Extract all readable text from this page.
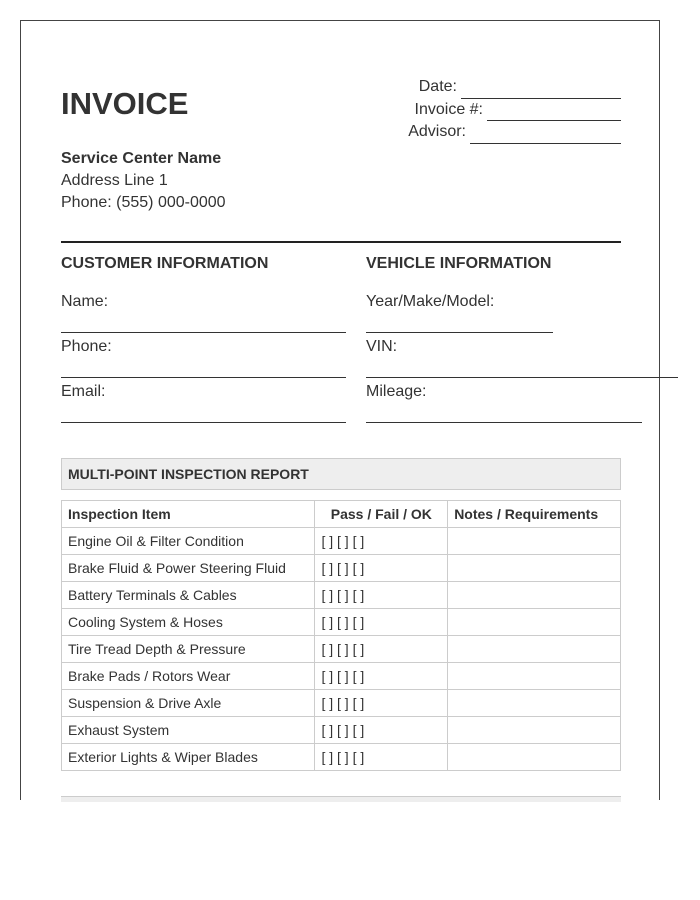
INVOICE	Date:
Invoice #:
Advisor:
Service Center Name
Address Line 1
Phone: (555) 000-0000
CUSTOMER INFORMATION	VEHICLE INFORMATION
Name:
Phone:
Email:
Year/Make/Model:
VIN:
Mileage:
MULTI-POINT INSPECTION REPORT
Inspection Item	Pass / Fail / OK	Notes / Requirements
Engine Oil & Filter Condition	[ ] [ ] [ ]	
Brake Fluid & Power Steering Fluid	[ ] [ ] [ ]	
Battery Terminals & Cables	[ ] [ ] [ ]	
Cooling System & Hoses	[ ] [ ] [ ]	
Tire Tread Depth & Pressure	[ ] [ ] [ ]	
Brake Pads / Rotors Wear	[ ] [ ] [ ]	
Suspension & Drive Axle	[ ] [ ] [ ]	
Exhaust System	[ ] [ ] [ ]	
Exterior Lights & Wiper Blades	[ ] [ ] [ ]	
